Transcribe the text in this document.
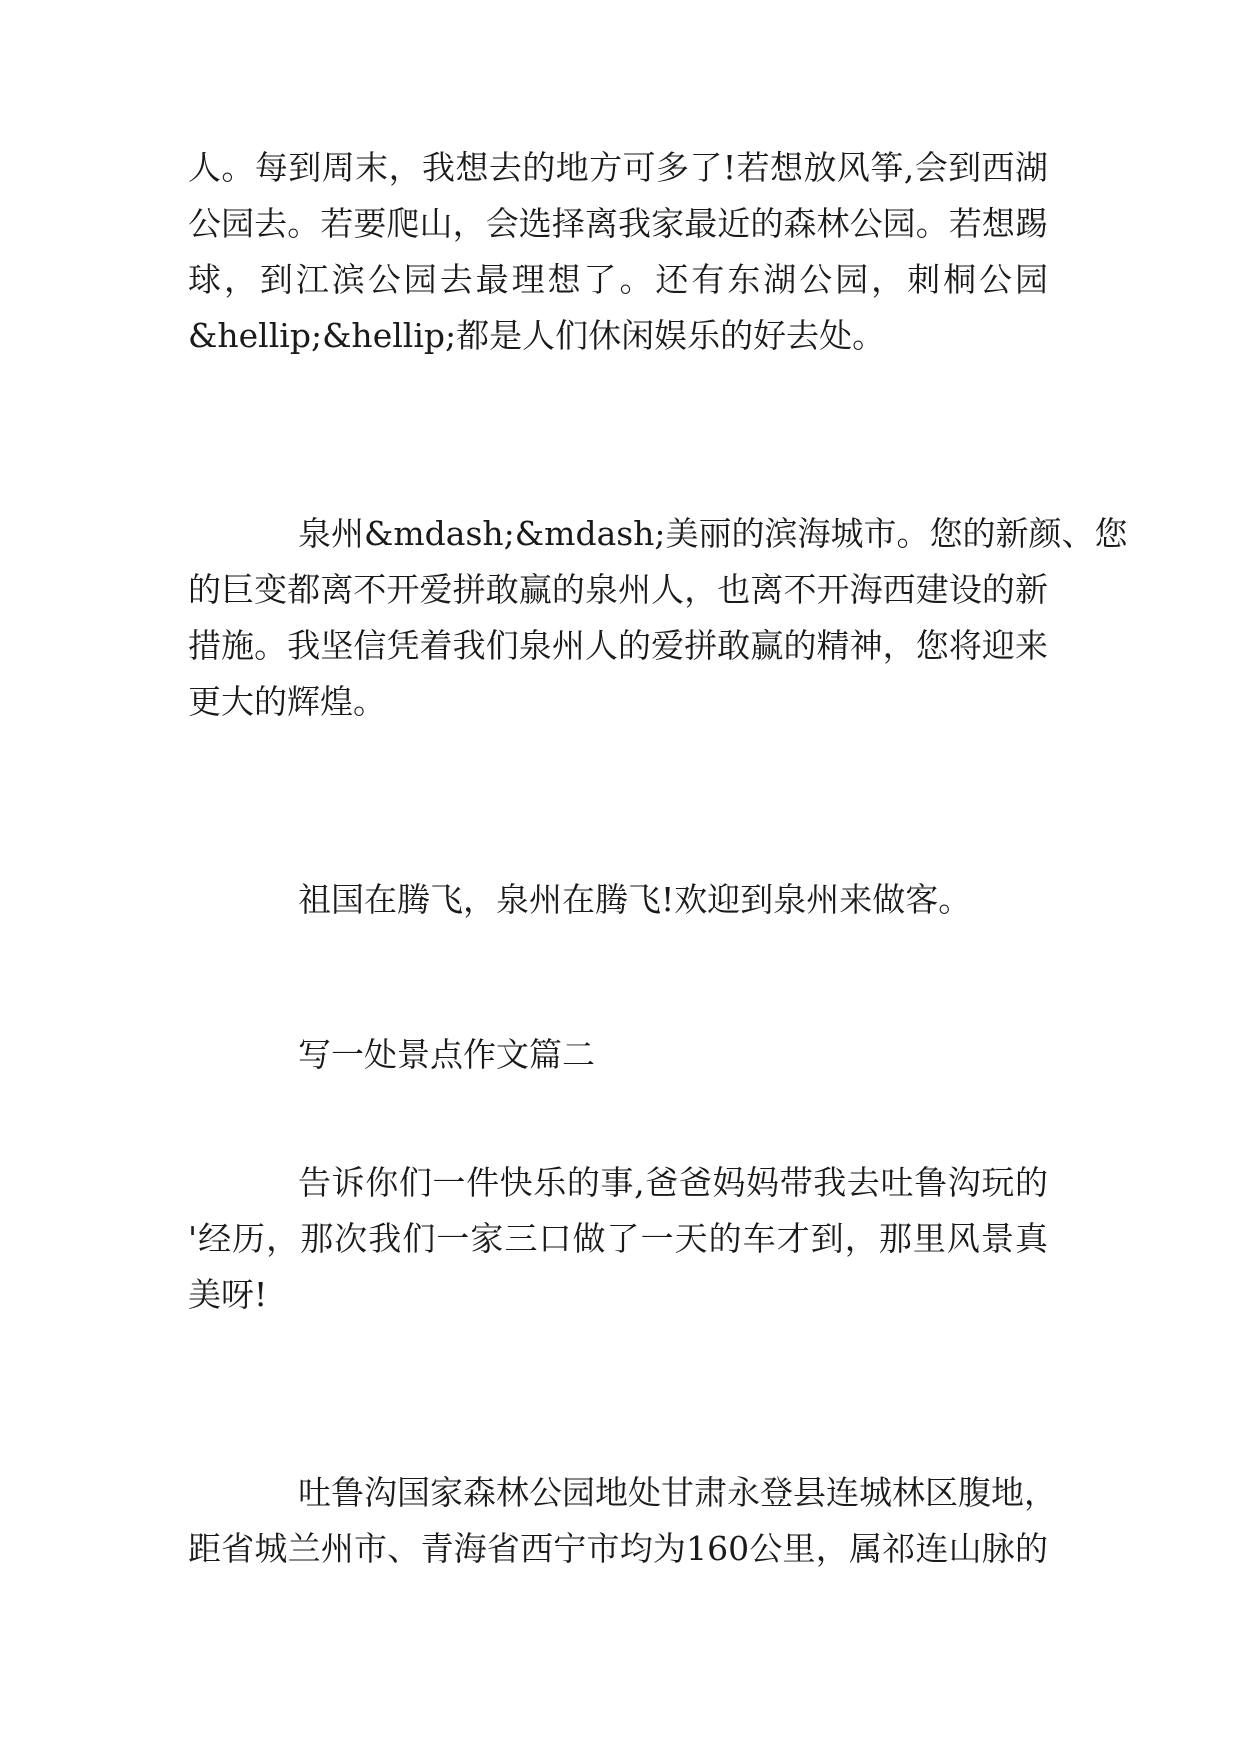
人。每到周末，我想去的地方可多了!若想放风筝,会到西湖
公园去。若要爬山，会选择离我家最近的森林公园。若想踢
球，到江滨公园去最理想了。还有东湖公园，刺桐公园
&hellip;&hellip;都是人们休闲娱乐的好去处。
泉州&mdash;&mdash;美丽的滨海城市。您的新颜、您
的巨变都离不开爱拼敢赢的泉州人，也离不开海西建设的新
措施。我坚信凭着我们泉州人的爱拼敢赢的精神，您将迎来
更大的辉煌。
祖国在腾飞，泉州在腾飞!欢迎到泉州来做客。
写一处景点作文篇二
告诉你们一件快乐的事,爸爸妈妈带我去吐鲁沟玩的
'经历，那次我们一家三口做了一天的车才到，那里风景真
美呀!
吐鲁沟国家森林公园地处甘肃永登县连城林区腹地，
距省城兰州市、青海省西宁市均为160公里，属祁连山脉的
